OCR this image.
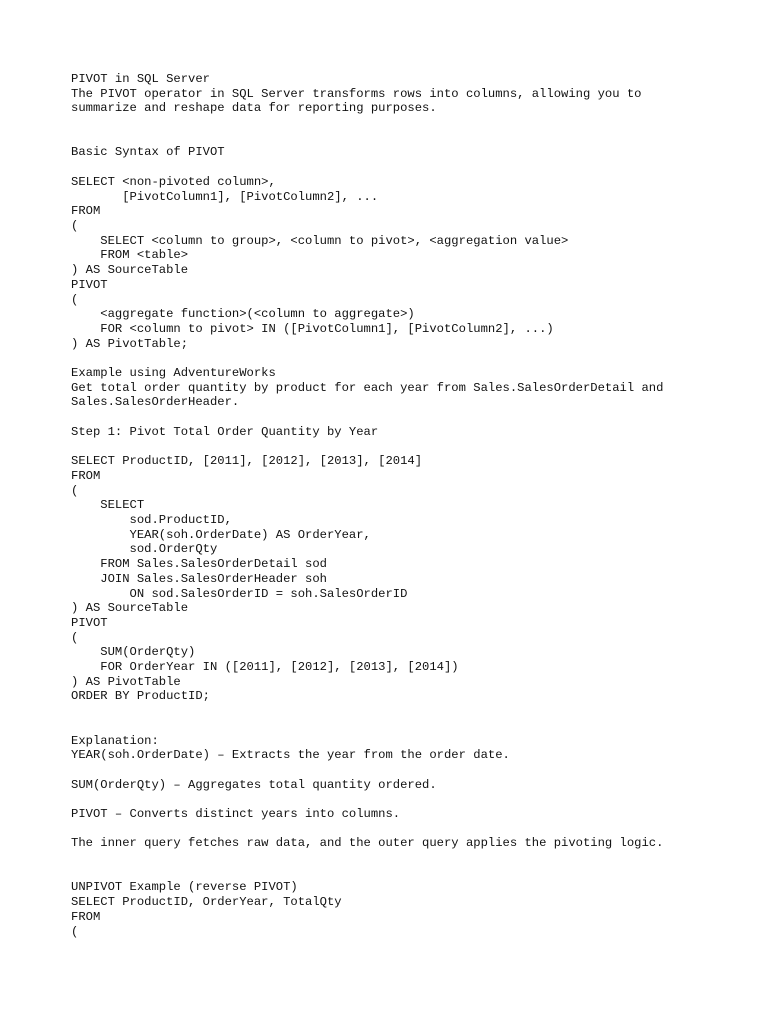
PIVOT in SQL Server
The PIVOT operator in SQL Server transforms rows into columns, allowing you to
summarize and reshape data for reporting purposes.
Basic Syntax of PIVOT
SELECT <non-pivoted column>,
[PivotColumn1], [PivotColumn2], ...
FROM
(
SELECT <column to group>, <column to pivot>, <aggregation value>
FROM <table>
) AS SourceTable
PIVOT
(
<aggregate function>(<column to aggregate>)
FOR <column to pivot> IN ([PivotColumn1], [PivotColumn2], ...)
) AS PivotTable;
Example using AdventureWorks
Get total order quantity by product for each year from Sales.SalesOrderDetail and
Sales.SalesOrderHeader.
Step 1: Pivot Total Order Quantity by Year
SELECT ProductID, [2011], [2012], [2013], [2014]
FROM
(
SELECT
sod.ProductID,
YEAR(soh.OrderDate) AS OrderYear,
sod.OrderQty
FROM Sales.SalesOrderDetail sod
JOIN Sales.SalesOrderHeader soh
ON sod.SalesOrderID = soh.SalesOrderID
) AS SourceTable
PIVOT
(
SUM(OrderQty)
FOR OrderYear IN ([2011], [2012], [2013], [2014])
) AS PivotTable
ORDER BY ProductID;
Explanation:
YEAR(soh.OrderDate) – Extracts the year from the order date.
SUM(OrderQty) – Aggregates total quantity ordered.
PIVOT – Converts distinct years into columns.
The inner query fetches raw data, and the outer query applies the pivoting logic.
UNPIVOT Example (reverse PIVOT)
SELECT ProductID, OrderYear, TotalQty
FROM
(
